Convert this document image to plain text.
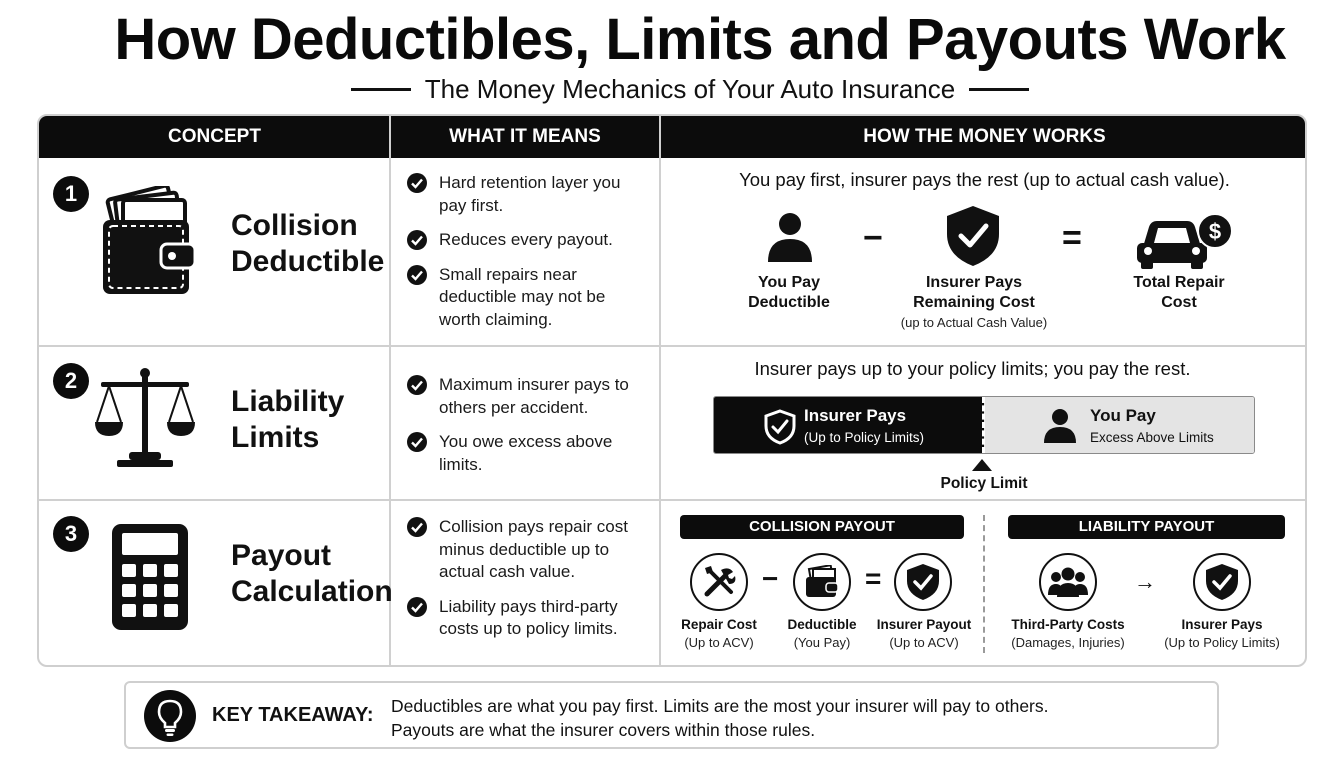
How Deductibles, Limits and Payouts Work
The Money Mechanics of Your Auto Insurance
CONCEPT	WHAT IT MEANS	HOW THE MONEY WORKS
1
Collision
Deductible
Hard retention layer you pay first.
Reduces every payout.
Small repairs near deductible may not be worth claiming.
You pay first, insurer pays the rest (up to actual cash value).
You Pay Deductible
−
Insurer Pays Remaining Cost
(up to Actual Cash Value)
=	$
Total Repair Cost
2
Liability
Limits
Maximum insurer pays to others per accident.
You owe excess above limits.
Insurer pays up to your policy limits; you pay the rest.
Insurer Pays
(Up to Policy Limits)
You Pay
Excess Above Limits
Policy Limit
3
Payout
Calculation
Collision pays repair cost minus deductible up to actual cash value.
Liability pays third-party costs up to policy limits.
COLLISION PAYOUT
−	=
Repair Cost
(Up to ACV)
Deductible
(You Pay)
Insurer Payout
(Up to ACV)
LIABILITY PAYOUT
→
Third-Party Costs
(Damages, Injuries)
Insurer Pays
(Up to Policy Limits)
KEY TAKEAWAY: Deductibles are what you pay first. Limits are the most your insurer will pay to others.
Payouts are what the insurer covers within those rules.
